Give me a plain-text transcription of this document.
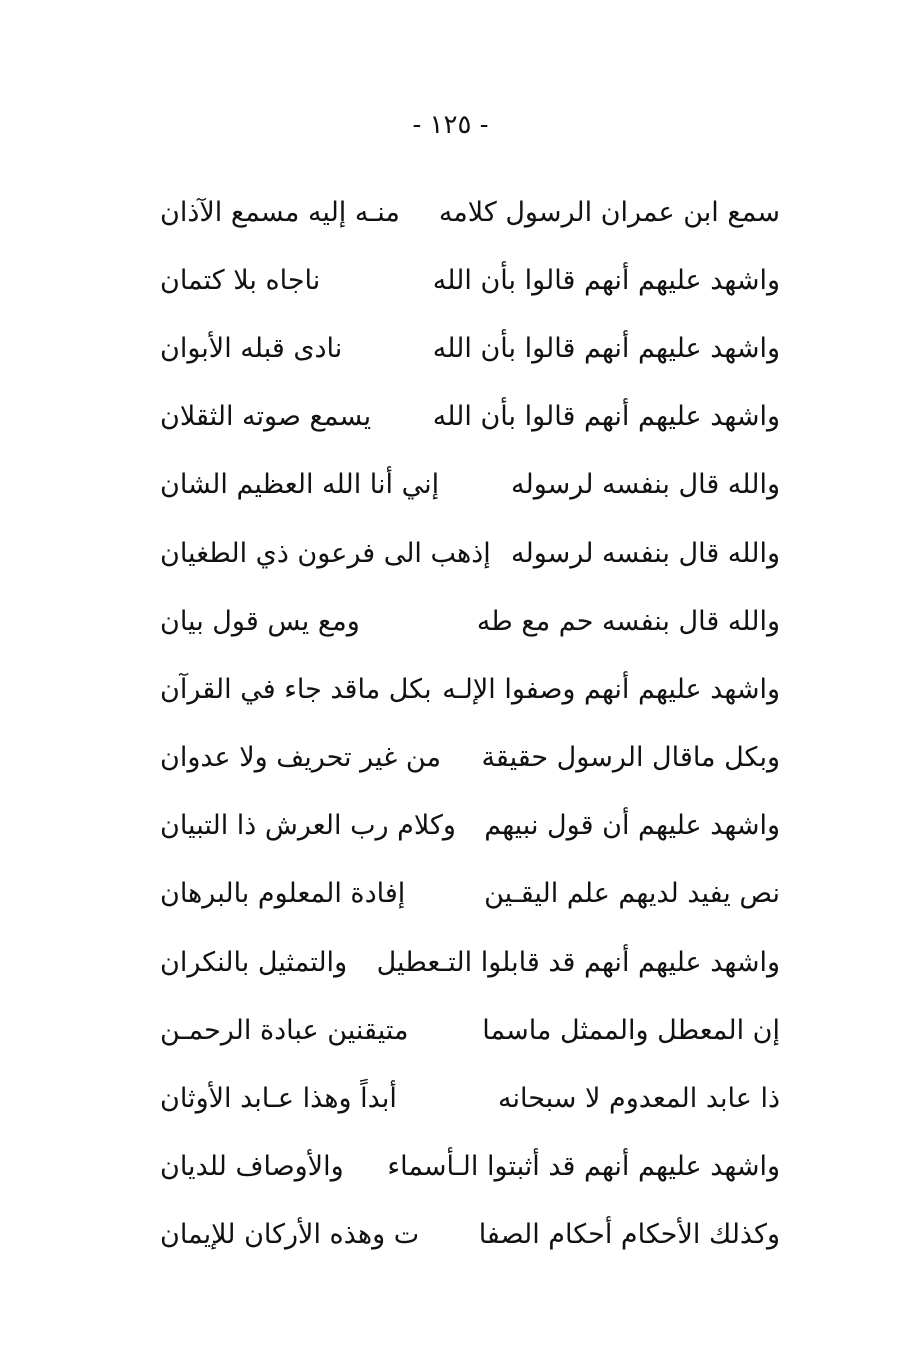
- ١٢٥ -
سمع ابن عمران الرسول كلامه
منـه إليه مسمع الآذان
واشهد عليهم أنهم قالوا بأن الله
ناجاه بلا كتمان
واشهد عليهم أنهم قالوا بأن الله
نادى قبله الأبوان
واشهد عليهم أنهم قالوا بأن الله
يسمع صوته الثقلان
والله قال بنفسه لرسوله
إني أنا الله العظيم الشان
والله قال بنفسه لرسوله
إذهب الى فرعون ذي الطغيان
والله قال بنفسه حم مع طه
ومع يس قول بيان
واشهد عليهم أنهم وصفوا الإلـه
بكل ماقد جاء في القرآن
وبكل ماقال الرسول حقيقة
من غير تحريف ولا عدوان
واشهد عليهم أن قول نبيهم
وكلام رب العرش ذا التبيان
نص يفيد لديهم علم اليقـين
إفادة المعلوم بالبرهان
واشهد عليهم أنهم قد قابلوا التـعطيل
والتمثيل بالنكران
إن المعطل والممثل ماسما
متيقنين عبادة الرحمـن
ذا عابد المعدوم لا سبحانه
أبداً وهذا عـابد الأوثان
واشهد عليهم أنهم قد أثبتوا الـأسماء
والأوصاف للديان
وكذلك الأحكام أحكام الصفا
ت وهذه الأركان للإيمان
